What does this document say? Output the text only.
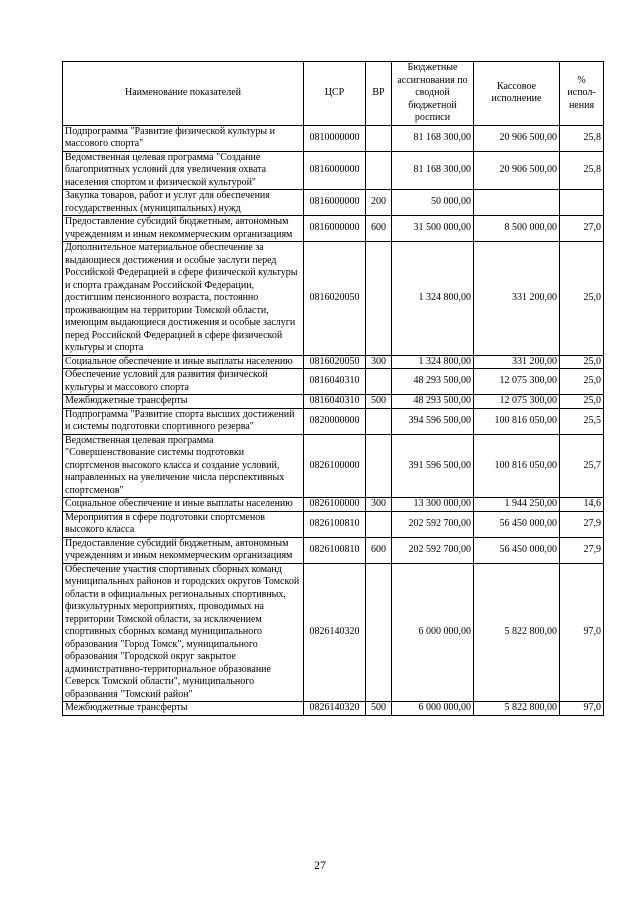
Наименование показателей	ЦСР	ВР	Бюджетные ассигнования по сводной бюджетной росписи	Кассовое исполнение	% испол-нения
Подпрограмма "Развитие физической культуры и массового спорта"	0810000000		81 168 300,00	20 906 500,00	25,8
Ведомственная целевая программа "Создание благоприятных условий для увеличения охвата населения спортом и физической культурой"	0816000000		81 168 300,00	20 906 500,00	25,8
Закупка товаров, работ и услуг для обеспечения государственных (муниципальных) нужд	0816000000	200	50 000,00		
Предоставление субсидий бюджетным, автономным учреждениям и иным некоммерческим организациям	0816000000	600	31 500 000,00	8 500 000,00	27,0
Дополнительное материальное обеспечение за выдающиеся достижения и особые заслуги перед Российской Федерацией в сфере физической культуры и спорта гражданам Российской Федерации, достигшим пенсионного возраста, постоянно проживающим на территории Томской области, имеющим выдающиеся достижения и особые заслуги перед Российской Федерацией в сфере физической культуры и спорта	0816020050		1 324 800,00	331 200,00	25,0
Социальное обеспечение и иные выплаты населению	0816020050	300	1 324 800,00	331 200,00	25,0
Обеспечение условий для развития физической культуры и массового спорта	0816040310		48 293 500,00	12 075 300,00	25,0
Межбюджетные трансферты	0816040310	500	48 293 500,00	12 075 300,00	25,0
Подпрограмма "Развитие спорта высших достижений и системы подготовки спортивного резерва"	0820000000		394 596 500,00	100 816 050,00	25,5
Ведомственная целевая программа "Совершенствование системы подготовки спортсменов высокого класса и создание условий, направленных на увеличение числа перспективных спортсменов"	0826100000		391 596 500,00	100 816 050,00	25,7
Социальное обеспечение и иные выплаты населению	0826100000	300	13 300 000,00	1 944 250,00	14,6
Мероприятия в сфере подготовки спортсменов высокого класса	0826100810		202 592 700,00	56 450 000,00	27,9
Предоставление субсидий бюджетным, автономным учреждениям и иным некоммерческим организациям	0826100810	600	202 592 700,00	56 450 000,00	27,9
Обеспечение участия спортивных сборных команд муниципальных районов и городских округов Томской области в официальных региональных спортивных, физкультурных мероприятиях, проводимых на территории Томской области, за исключением спортивных сборных команд муниципального образования "Город Томск", муниципального образования "Городской округ закрытое административно-территориальное образование Северск Томской области", муниципального образования "Томский район"	0826140320		6 000 000,00	5 822 800,00	97,0
Межбюджетные трансферты	0826140320	500	6 000 000,00	5 822 800,00	97,0
27
